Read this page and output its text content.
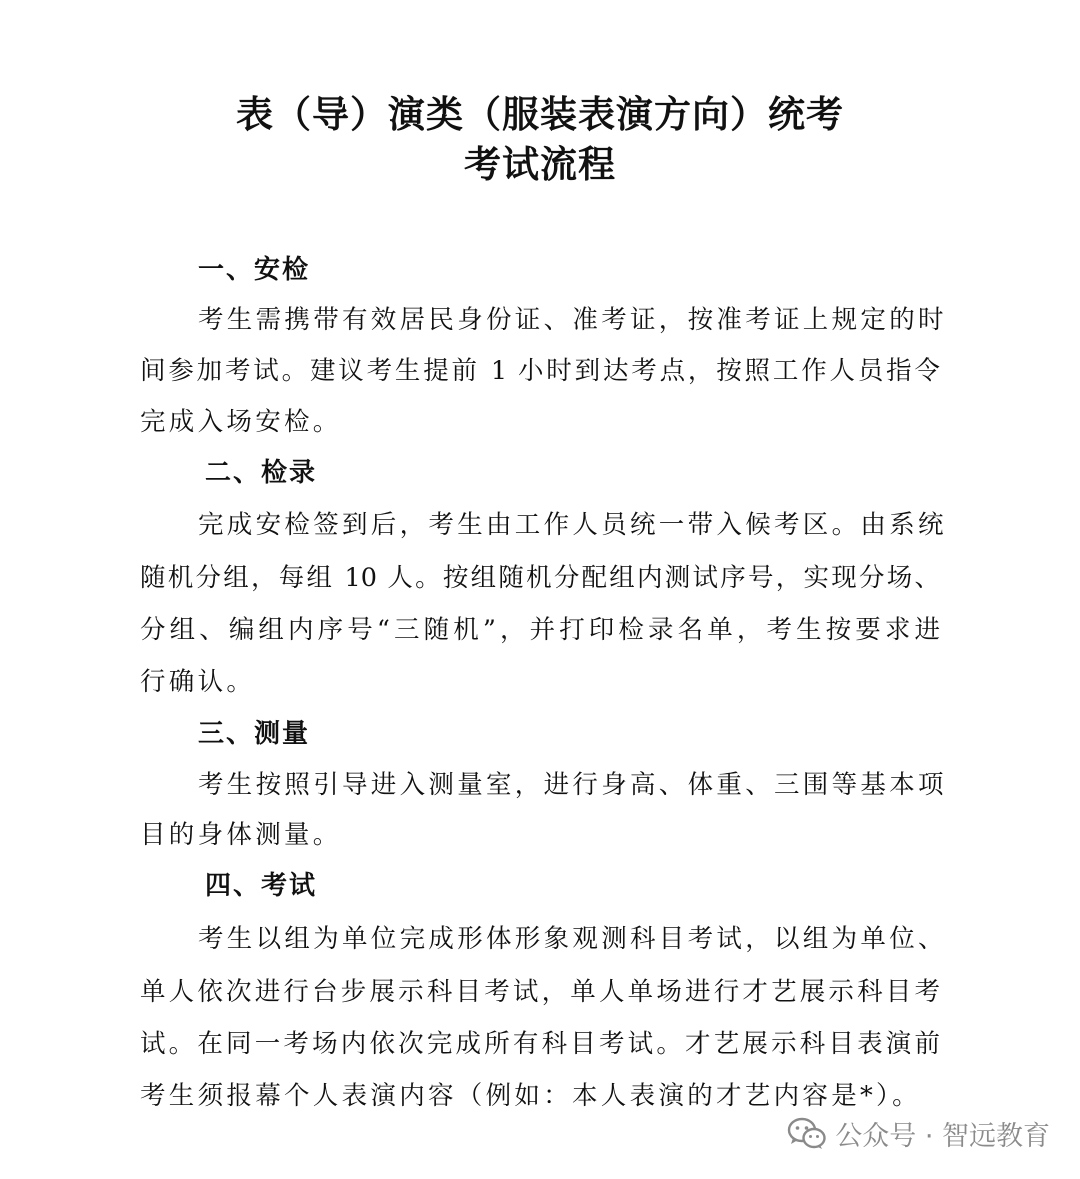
表（导）演类（服装表演方向）统考
考试流程
一、安检
考生需携带有效居民身份证、准考证，按准考证上规定的时
间参加考试。建议考生提前 1 小时到达考点，按照工作人员指令
完成入场安检。
二、检录
完成安检签到后，考生由工作人员统一带入候考区。由系统
随机分组，每组 10 人。按组随机分配组内测试序号，实现分场、
分组、编组内序号“三随机”，并打印检录名单，考生按要求进
行确认。
三、测量
考生按照引导进入测量室，进行身高、体重、三围等基本项
目的身体测量。
四、考试
考生以组为单位完成形体形象观测科目考试，以组为单位、
单人依次进行台步展示科目考试，单人单场进行才艺展示科目考
试。在同一考场内依次完成所有科目考试。才艺展示科目表演前
考生须报幕个人表演内容（例如：本人表演的才艺内容是*）。
公众号 · 智远教育
